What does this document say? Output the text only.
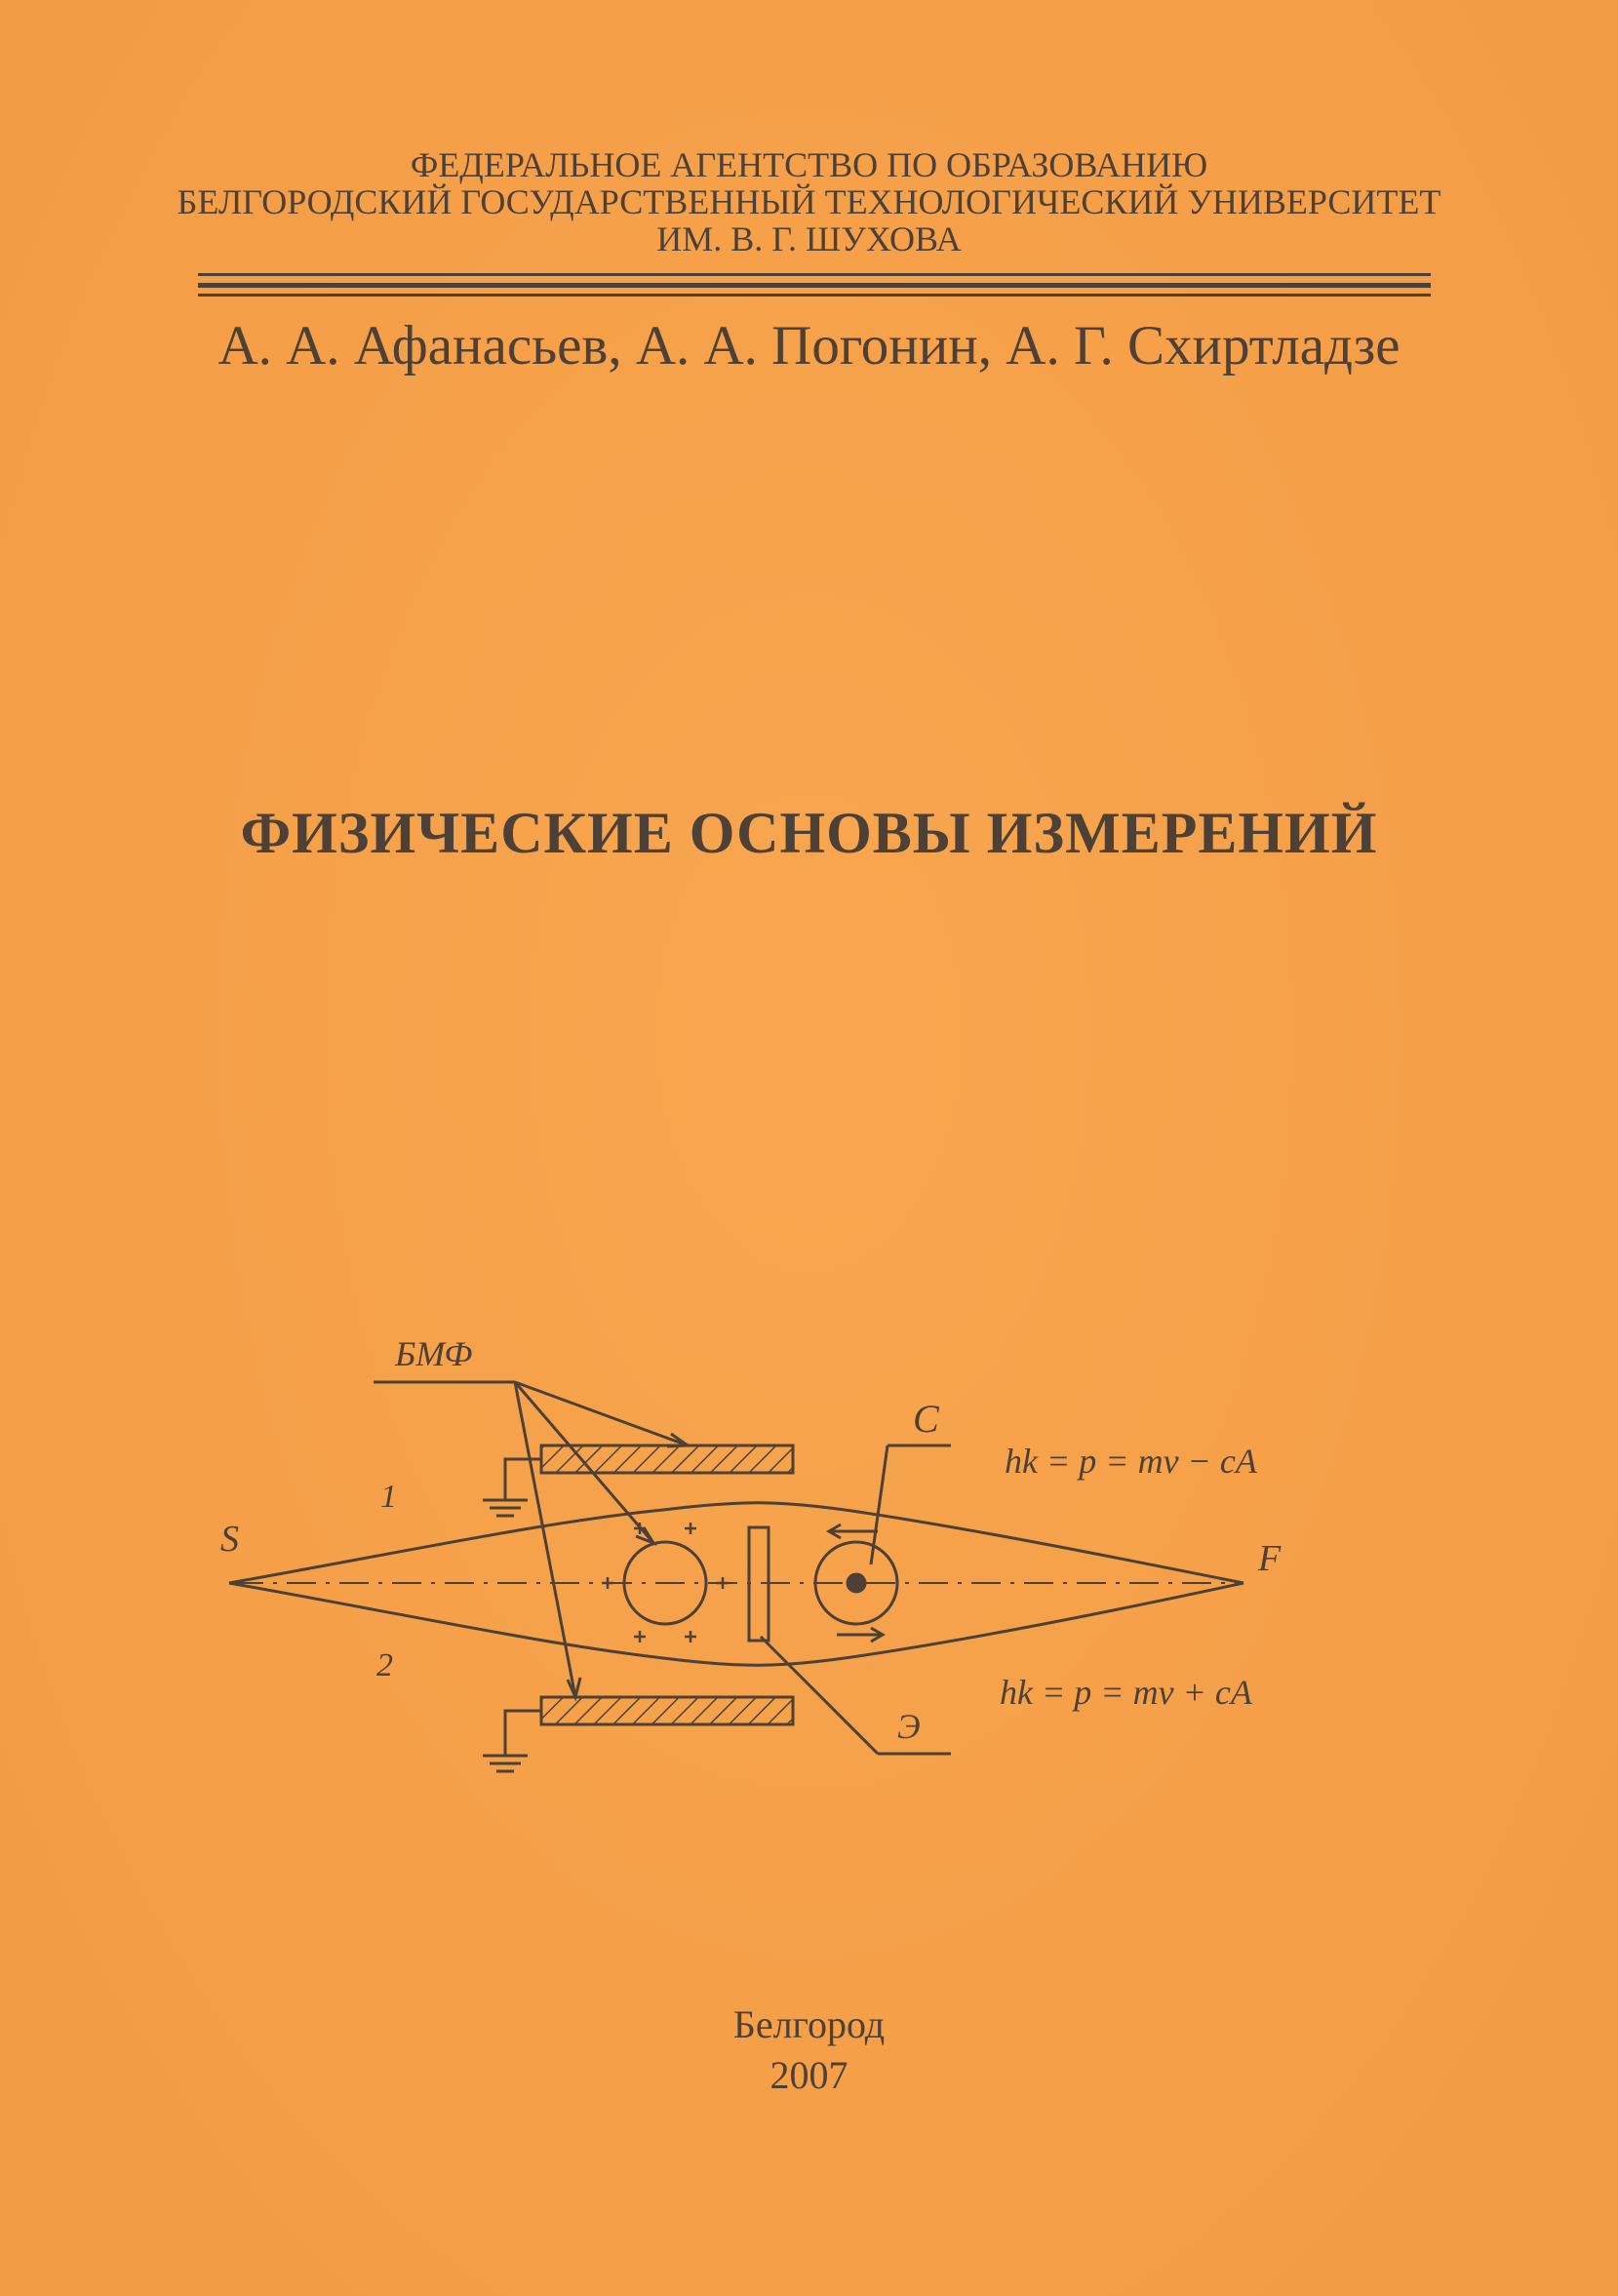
ФЕДЕРАЛЬНОЕ АГЕНТСТВО ПО ОБРАЗОВАНИЮ
БЕЛГОРОДСКИЙ ГОСУДАРСТВЕННЫЙ ТЕХНОЛОГИЧЕСКИЙ УНИВЕРСИТЕТ
ИМ. В. Г. ШУХОВА
А. А. Афанасьев, А. А. Погонин, А. Г. Схиртладзе
ФИЗИЧЕСКИЕ ОСНОВЫ ИЗМЕРЕНИЙ
БМФ
С
Э
S	F
1
2
hk = p = mv − cA
hk = p = mv + cA
Белгород
2007
